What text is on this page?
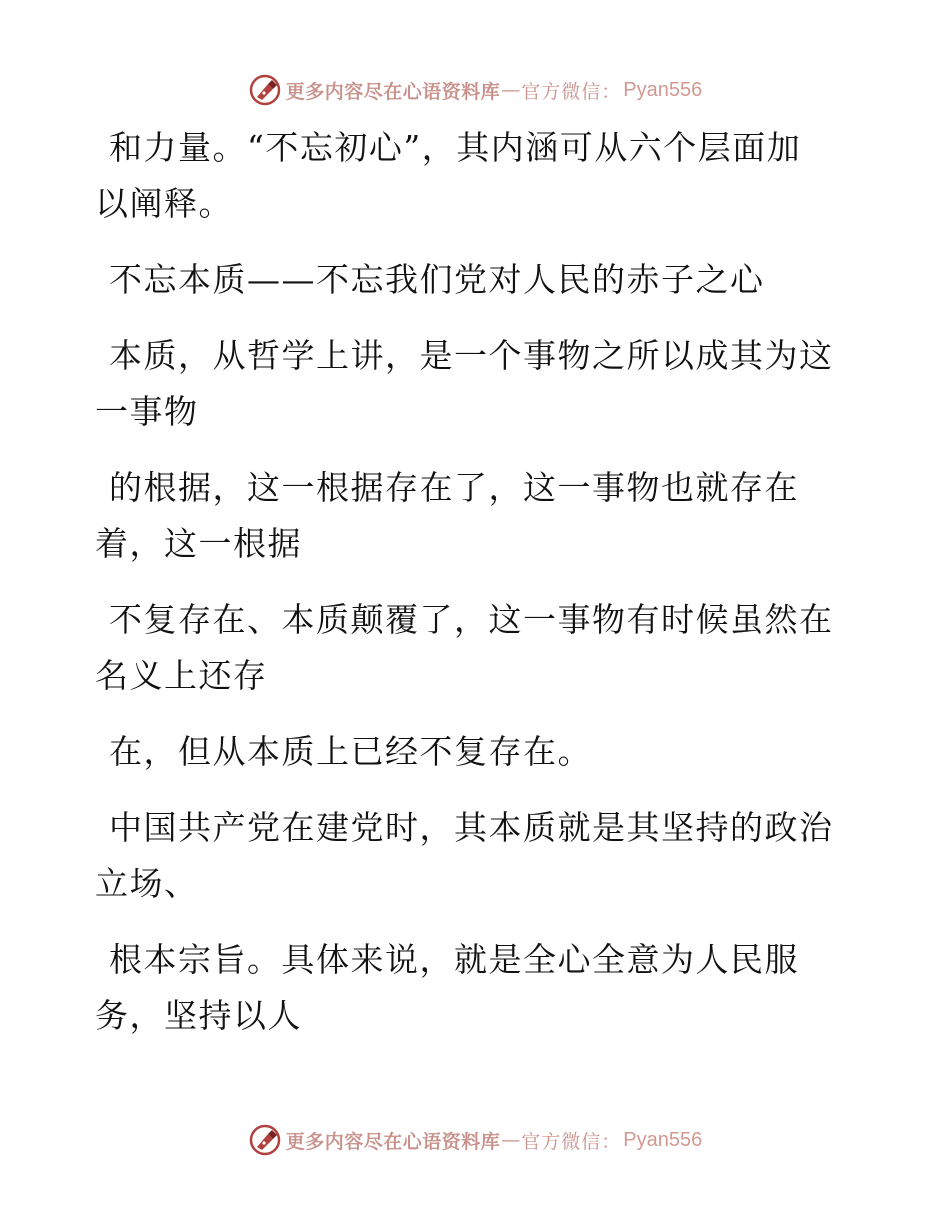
更多内容尽在心语资料库 — 官方微信： Pyan556

和力量。“不忘初心”，其内涵可从六个层面加以阐释。

不忘本质——不忘我们党对人民的赤子之心

本质，从哲学上讲，是一个事物之所以成其为这一事物

的根据，这一根据存在了，这一事物也就存在着，这一根据

不复存在、本质颠覆了，这一事物有时候虽然在名义上还存

在，但从本质上已经不复存在。

中国共产党在建党时，其本质就是其坚持的政治立场、

根本宗旨。具体来说，就是全心全意为人民服务，坚持以人

更多内容尽在心语资料库 — 官方微信： Pyan556
